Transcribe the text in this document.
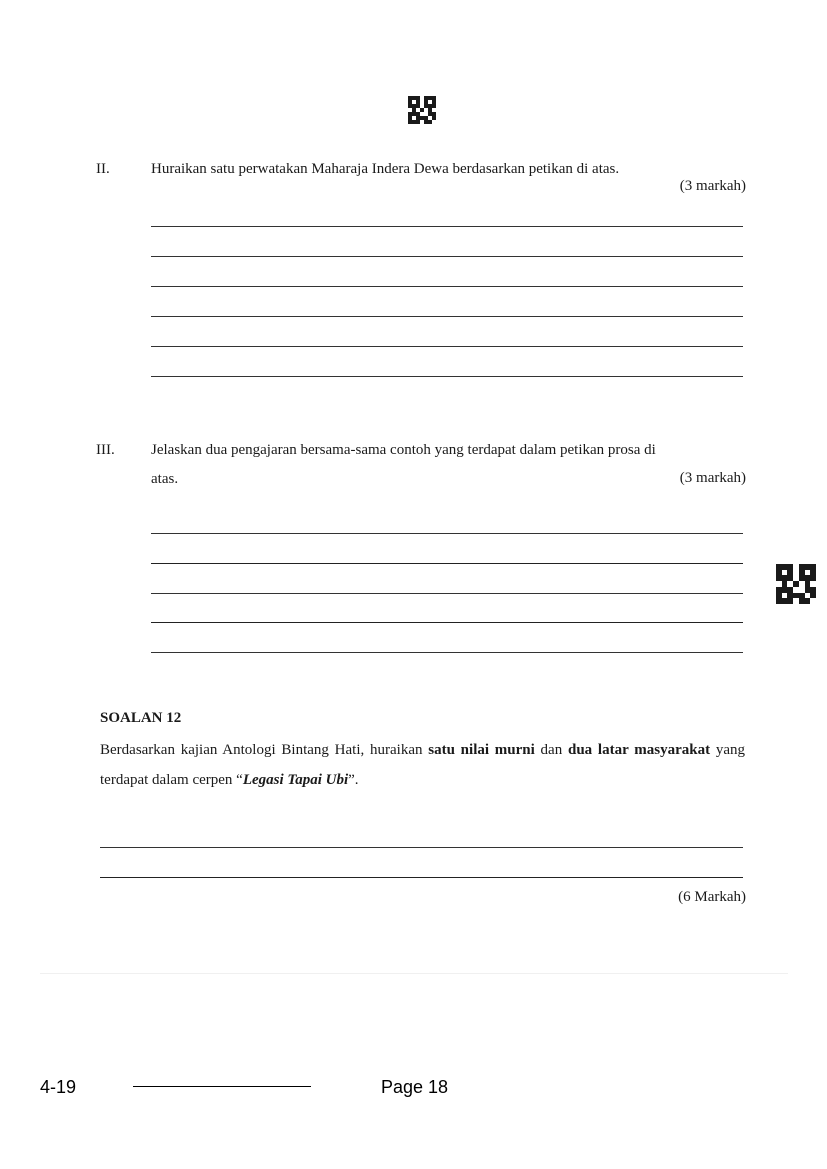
II.	Huraikan satu perwatakan Maharaja Indera Dewa berdasarkan petikan di atas.
(3 markah)
III. Jelaskan dua pengajaran bersama-sama contoh yang terdapat dalam petikan prosa di
atas.	(3 markah)
SOALAN 12
Berdasarkan kajian Antologi Bintang Hati, huraikan satu nilai murni dan dua latar masyarakat yang terdapat dalam cerpen “Legasi Tapai Ubi”.
(6 Markah)
4-19	Page 18
